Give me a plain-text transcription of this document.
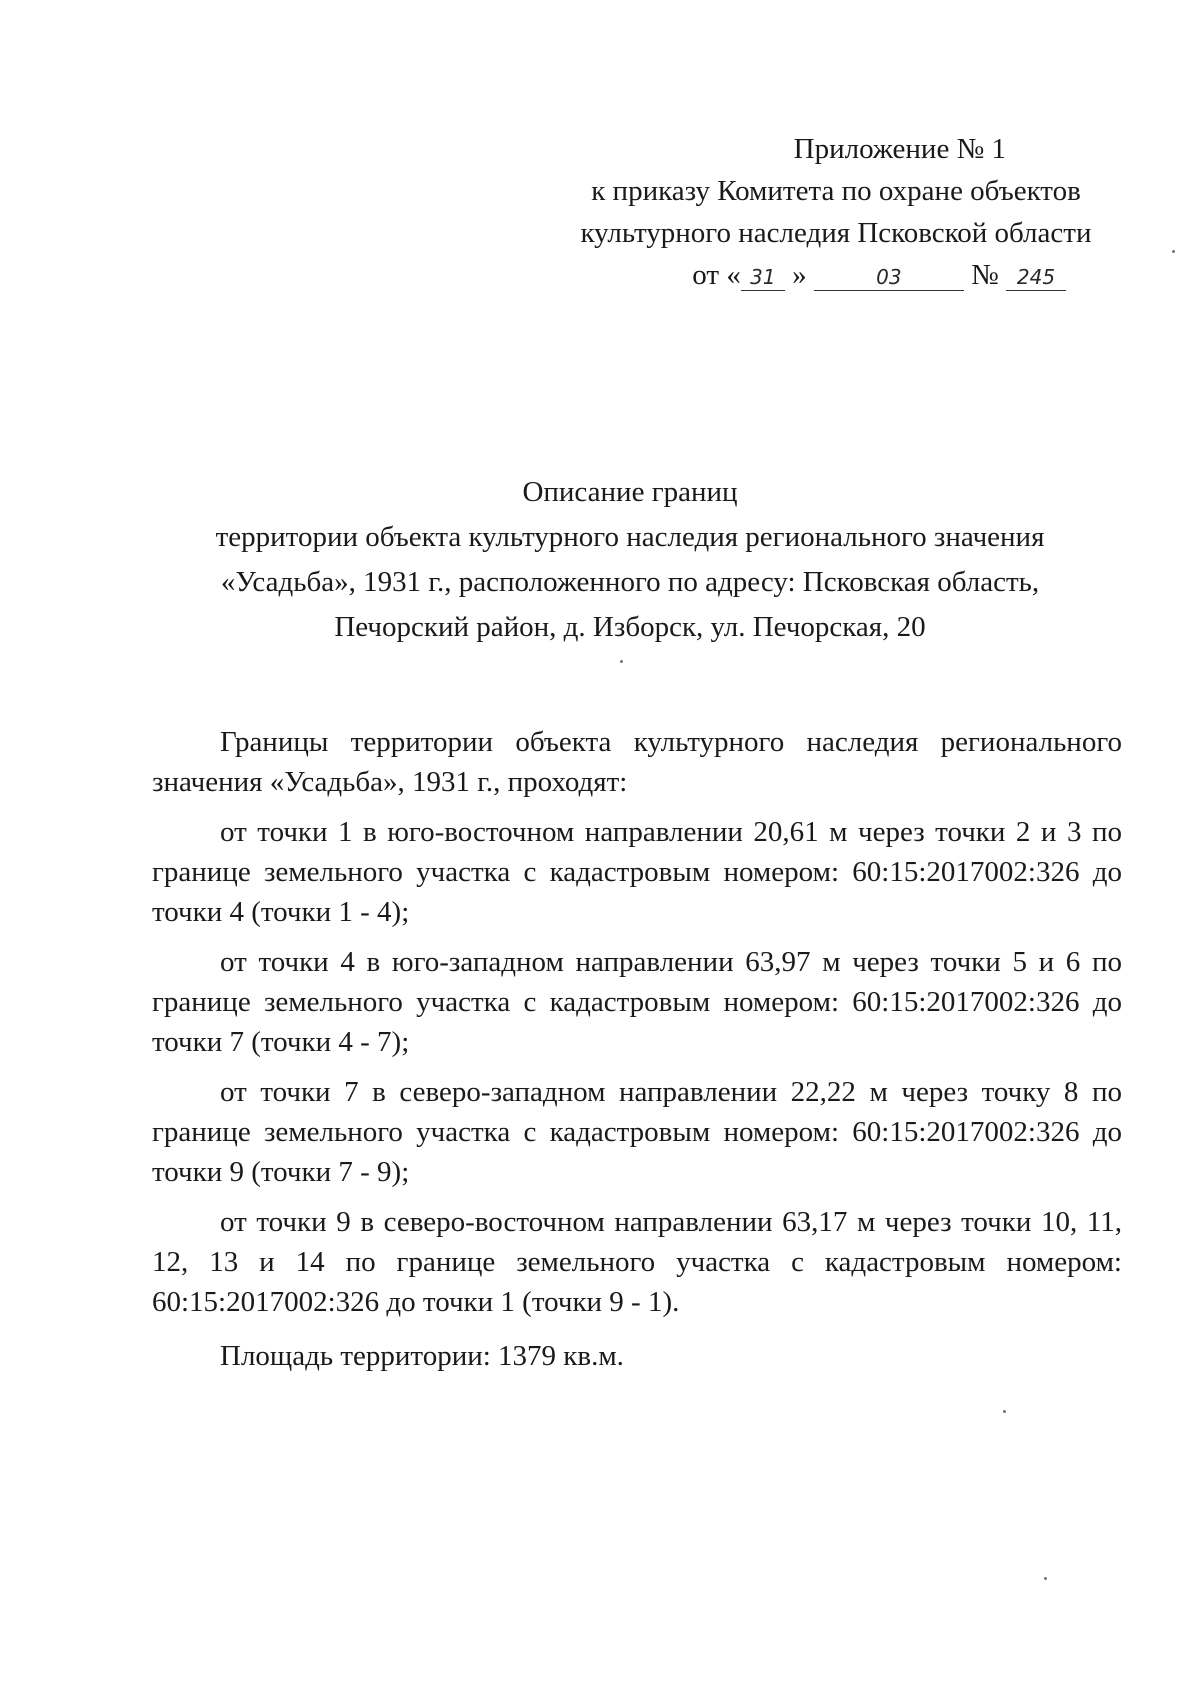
Приложение № 1
к приказу Комитета по охране объектов
культурного наследия Псковской области
от « 31 »	03 № 245
Описание границ
территории объекта культурного наследия регионального значения
«Усадьба», 1931 г., расположенного по адресу: Псковская область,
Печорский район, д. Изборск, ул. Печорская, 20

Границы территории объекта культурного наследия регионального значения «Усадьба», 1931 г., проходят:

от точки 1 в юго-восточном направлении 20,61 м через точки 2 и 3 по границе земельного участка с кадастровым номером: 60:15:2017002:326 до точки 4 (точки 1 - 4);

от точки 4 в юго-западном направлении 63,97 м через точки 5 и 6 по границе земельного участка с кадастровым номером: 60:15:2017002:326 до точки 7 (точки 4 - 7);

от точки 7 в северо-западном направлении 22,22 м через точку 8 по границе земельного участка с кадастровым номером: 60:15:2017002:326 до точки 9 (точки 7 - 9);

от точки 9 в северо-восточном направлении 63,17 м через точки 10, 11, 12, 13 и 14 по границе земельного участка с кадастровым номером: 60:15:2017002:326 до точки 1 (точки 9 - 1).

Площадь территории: 1379 кв.м.
